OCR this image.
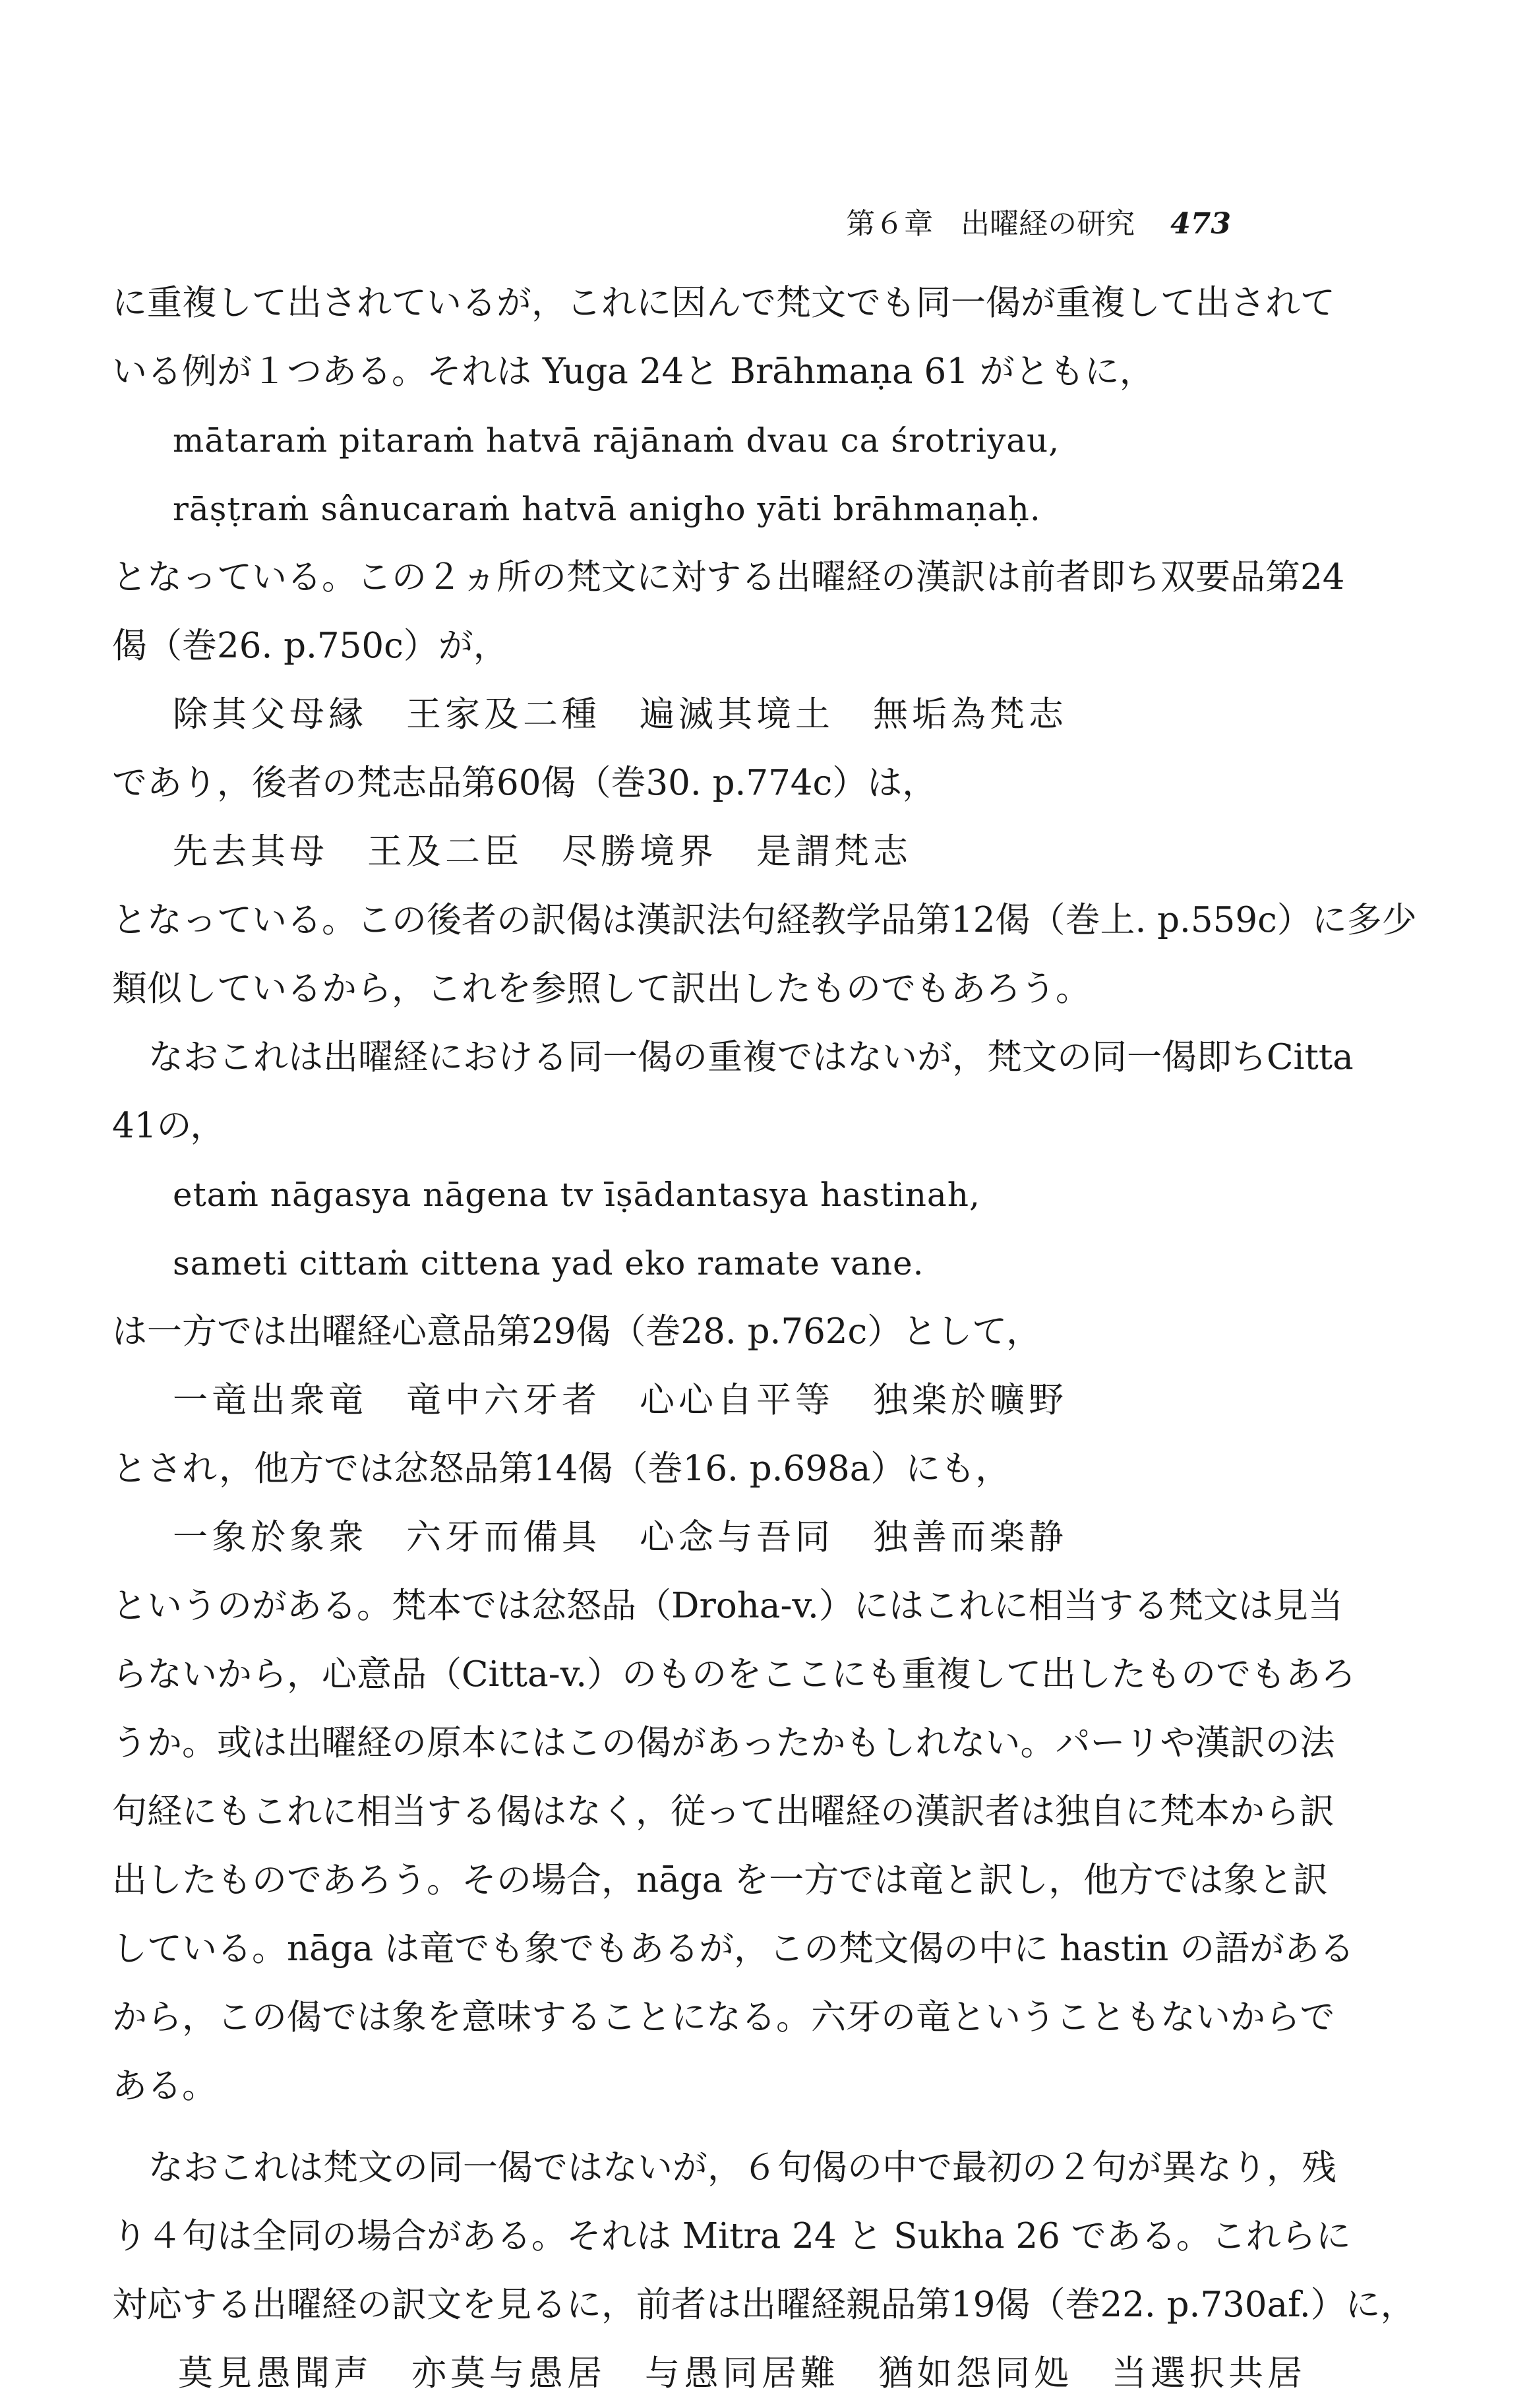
第６章 出曜経の研究 473
に重複して出されているが，これに因んで梵文でも同一偈が重複して出されて
いる例が１つある。それは Yuga 24と Brāhmaṇa 61 がともに，
mātaraṁ pitaraṁ hatvā rājānaṁ dvau ca śrotriyau,
rāṣṭraṁ sânucaraṁ hatvā anigho yāti brāhmaṇaḥ.
となっている。この２ヵ所の梵文に対する出曜経の漢訳は前者即ち双要品第24
偈（巻26. p.750c）が，
除其父母縁　王家及二種　遍滅其境土　無垢為梵志
であり，後者の梵志品第60偈（巻30. p.774c）は，
先去其母　王及二臣　尽勝境界　是謂梵志
となっている。この後者の訳偈は漢訳法句経教学品第12偈（巻上. p.559c）に多少
類似しているから，これを参照して訳出したものでもあろう。
なおこれは出曜経における同一偈の重複ではないが，梵文の同一偈即ちCitta
41の，
etaṁ nāgasya nāgena tv īṣādantasya hastinah,
sameti cittaṁ cittena yad eko ramate vane.
は一方では出曜経心意品第29偈（巻28. p.762c）として，
一竜出衆竜　竜中六牙者　心心自平等　独楽於曠野
とされ，他方では忿怒品第14偈（巻16. p.698a）にも，
一象於象衆　六牙而備具　心念与吾同　独善而楽静
というのがある。梵本では忿怒品（Droha-v.）にはこれに相当する梵文は見当
らないから，心意品（Citta-v.）のものをここにも重複して出したものでもあろ
うか。或は出曜経の原本にはこの偈があったかもしれない。パーリや漢訳の法
句経にもこれに相当する偈はなく，従って出曜経の漢訳者は独自に梵本から訳
出したものであろう。その場合，nāga を一方では竜と訳し，他方では象と訳
している。nāga は竜でも象でもあるが，この梵文偈の中に hastin の語がある
から，この偈では象を意味することになる。六牙の竜ということもないからで
ある。
なおこれは梵文の同一偈ではないが，６句偈の中で最初の２句が異なり，残
り４句は全同の場合がある。それは Mitra 24 と Sukha 26 である。これらに
対応する出曜経の訳文を見るに，前者は出曜経親品第19偈（巻22. p.730af.）に，
莫見愚聞声　亦莫与愚居　与愚同居難　猶如怨同処　当選択共居
